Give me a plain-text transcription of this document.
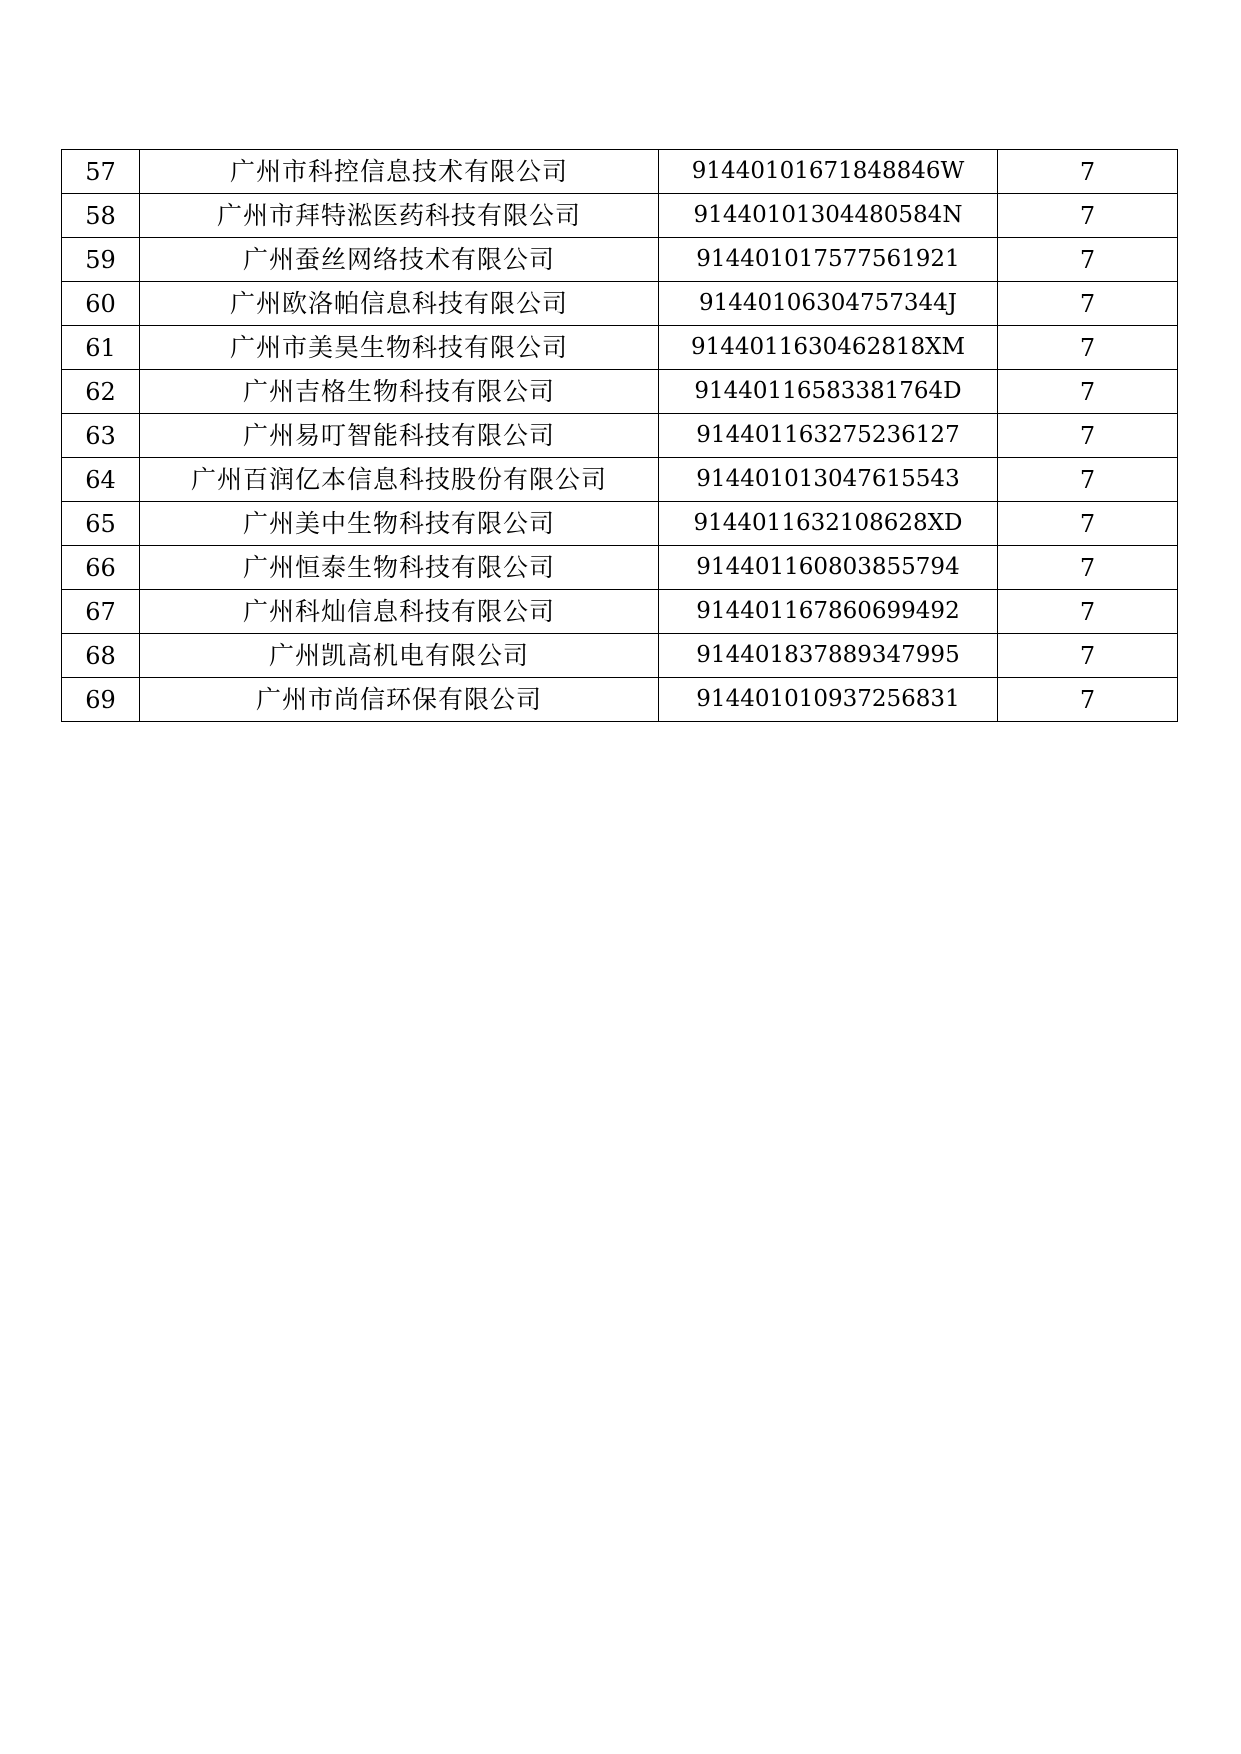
57	广州市科控信息技术有限公司	91440101671848846W	7
58	广州市拜特淞医药科技有限公司	91440101304480584N	7
59	广州蚕丝网络技术有限公司	914401017577561921	7
60	广州欧洛帕信息科技有限公司	91440106304757344J	7
61	广州市美昊生物科技有限公司	9144011630462818XM	7
62	广州吉格生物科技有限公司	91440116583381764D	7
63	广州易叮智能科技有限公司	914401163275236127	7
64	广州百润亿本信息科技股份有限公司	914401013047615543	7
65	广州美中生物科技有限公司	9144011632108628XD	7
66	广州恒泰生物科技有限公司	914401160803855794	7
67	广州科灿信息科技有限公司	914401167860699492	7
68	广州凯高机电有限公司	914401837889347995	7
69	广州市尚信环保有限公司	914401010937256831	7
